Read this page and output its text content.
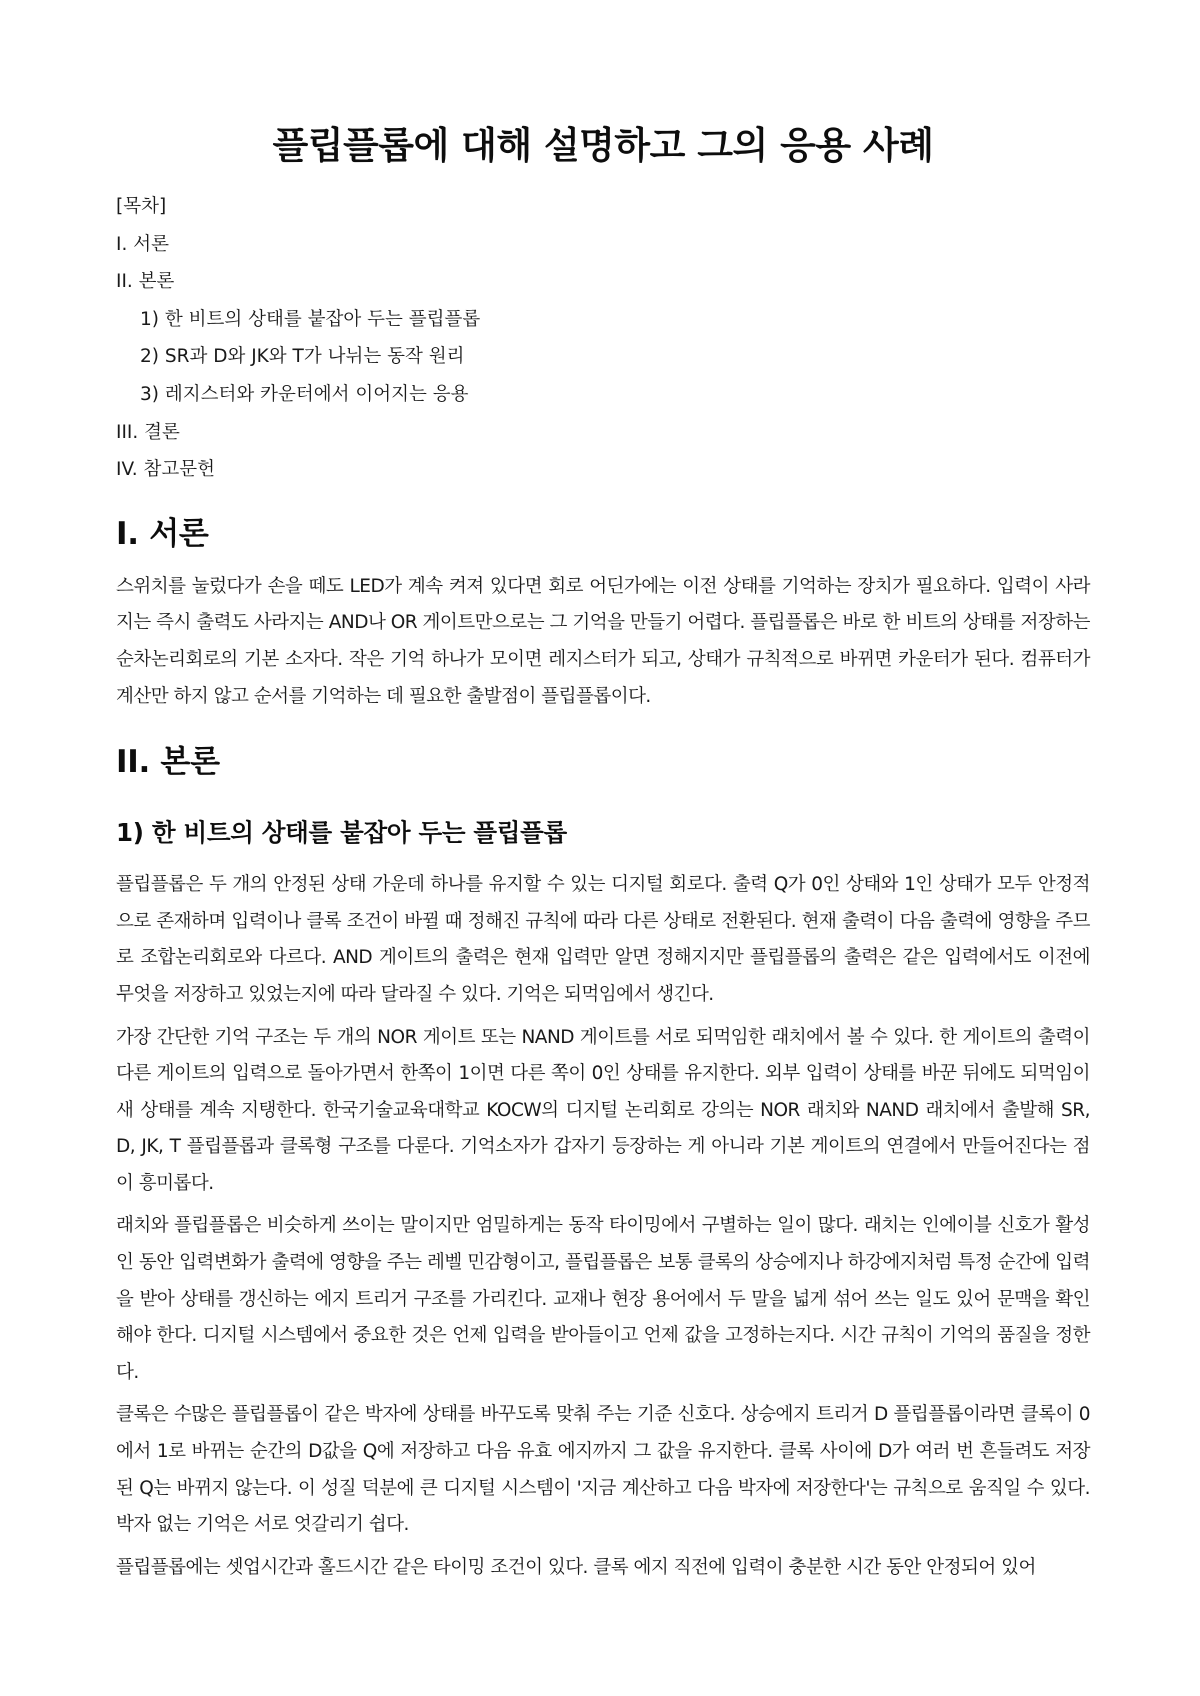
플립플롭에 대해 설명하고 그의 응용 사례
[목차]
I. 서론
II. 본론
1) 한 비트의 상태를 붙잡아 두는 플립플롭
2) SR과 D와 JK와 T가 나뉘는 동작 원리
3) 레지스터와 카운터에서 이어지는 응용
III. 결론
IV. 참고문헌
I. 서론

스위치를 눌렀다가 손을 떼도 LED가 계속 켜져 있다면 회로 어딘가에는 이전 상태를 기억하는 장치가 필요하다. 입력이 사라지는 즉시 출력도 사라지는 AND나 OR 게이트만으로는 그 기억을 만들기 어렵다. 플립플롭은 바로 한 비트의 상태를 저장하는 순차논리회로의 기본 소자다. 작은 기억 하나가 모이면 레지스터가 되고, 상태가 규칙적으로 바뀌면 카운터가 된다. 컴퓨터가 계산만 하지 않고 순서를 기억하는 데 필요한 출발점이 플립플롭이다.

II. 본론
1) 한 비트의 상태를 붙잡아 두는 플립플롭

플립플롭은 두 개의 안정된 상태 가운데 하나를 유지할 수 있는 디지털 회로다. 출력 Q가 0인 상태와 1인 상태가 모두 안정적으로 존재하며 입력이나 클록 조건이 바뀔 때 정해진 규칙에 따라 다른 상태로 전환된다. 현재 출력이 다음 출력에 영향을 주므로 조합논리회로와 다르다. AND 게이트의 출력은 현재 입력만 알면 정해지지만 플립플롭의 출력은 같은 입력에서도 이전에 무엇을 저장하고 있었는지에 따라 달라질 수 있다. 기억은 되먹임에서 생긴다.

가장 간단한 기억 구조는 두 개의 NOR 게이트 또는 NAND 게이트를 서로 되먹임한 래치에서 볼 수 있다. 한 게이트의 출력이 다른 게이트의 입력으로 돌아가면서 한쪽이 1이면 다른 쪽이 0인 상태를 유지한다. 외부 입력이 상태를 바꾼 뒤에도 되먹임이 새 상태를 계속 지탱한다. 한국기술교육대학교 KOCW의 디지털 논리회로 강의는 NOR 래치와 NAND 래치에서 출발해 SR, D, JK, T 플립플롭과 클록형 구조를 다룬다. 기억소자가 갑자기 등장하는 게 아니라 기본 게이트의 연결에서 만들어진다는 점이 흥미롭다.

래치와 플립플롭은 비슷하게 쓰이는 말이지만 엄밀하게는 동작 타이밍에서 구별하는 일이 많다. 래치는 인에이블 신호가 활성인 동안 입력변화가 출력에 영향을 주는 레벨 민감형이고, 플립플롭은 보통 클록의 상승에지나 하강에지처럼 특정 순간에 입력을 받아 상태를 갱신하는 에지 트리거 구조를 가리킨다. 교재나 현장 용어에서 두 말을 넓게 섞어 쓰는 일도 있어 문맥을 확인해야 한다. 디지털 시스템에서 중요한 것은 언제 입력을 받아들이고 언제 값을 고정하는지다. 시간 규칙이 기억의 품질을 정한다.

클록은 수많은 플립플롭이 같은 박자에 상태를 바꾸도록 맞춰 주는 기준 신호다. 상승에지 트리거 D 플립플롭이라면 클록이 0에서 1로 바뀌는 순간의 D값을 Q에 저장하고 다음 유효 에지까지 그 값을 유지한다. 클록 사이에 D가 여러 번 흔들려도 저장된 Q는 바뀌지 않는다. 이 성질 덕분에 큰 디지털 시스템이 '지금 계산하고 다음 박자에 저장한다'는 규칙으로 움직일 수 있다. 박자 없는 기억은 서로 엇갈리기 쉽다.

플립플롭에는 셋업시간과 홀드시간 같은 타이밍 조건이 있다. 클록 에지 직전에 입력이 충분한 시간 동안 안정되어 있어
